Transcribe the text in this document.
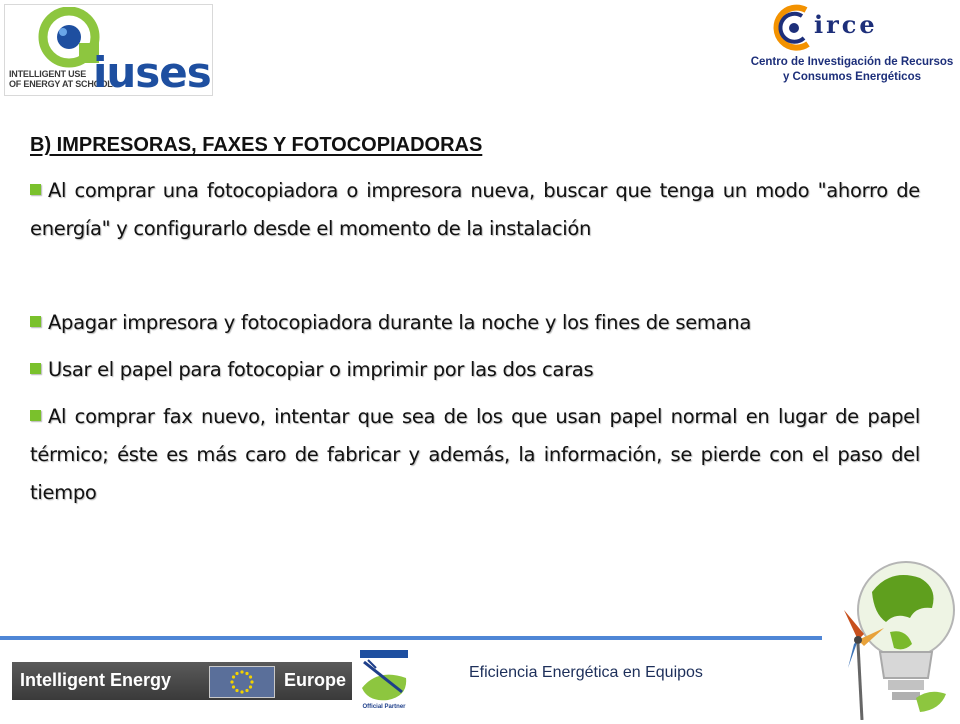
INTELLIGENT USE
OF ENERGY AT SCHOOL
iuses
irce
Centro de Investigación de Recursos
y Consumos Energéticos
B) IMPRESORAS, FAXES Y FOTOCOPIADORAS
Al comprar una fotocopiadora o impresora nueva, buscar que tenga un modo "ahorro de energía" y configurarlo desde el momento de la instalación
Apagar impresora y fotocopiadora durante la noche y los fines de semana
Usar el papel para fotocopiar o imprimir por las dos caras
Al comprar fax nuevo, intentar que sea de los que usan papel normal en lugar de papel térmico; éste es más caro de fabricar y además, la información, se pierde con el paso del tiempo
Intelligent Energy	Europe
Official Partner
Eficiencia Energética en Equipos
